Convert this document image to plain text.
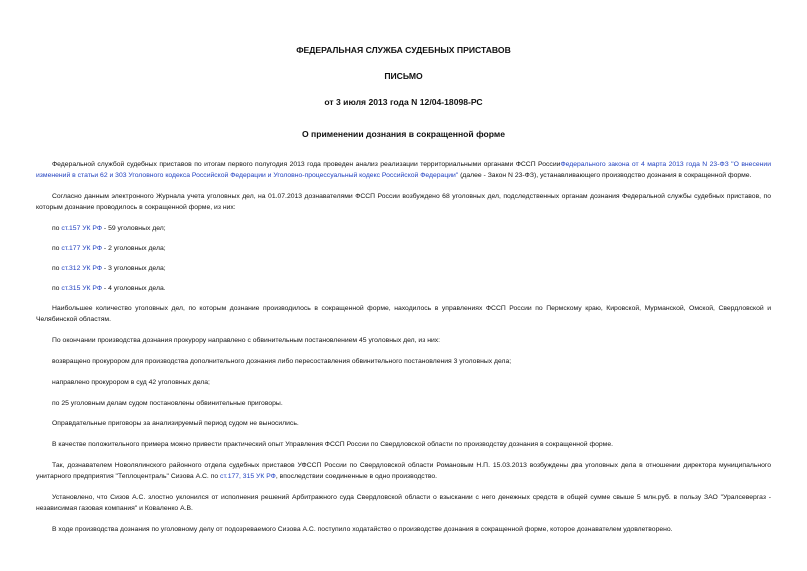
ФЕДЕРАЛЬНАЯ СЛУЖБА СУДЕБНЫХ ПРИСТАВОВ
ПИСЬМО
от 3 июля 2013 года N 12/04-18098-РС
О применении дознания в сокращенной форме

Федеральной службой судебных приставов по итогам первого полугодия 2013 года проведен анализ реализации территориальными органами ФССП РоссииФедерального закона от 4 марта 2013 года N 23-ФЗ "О внесении изменений в статьи 62 и 303 Уголовного кодекса Российской Федерации и Уголовно-процессуальный кодекс Российской Федерации" (далее - Закон N 23-ФЗ), устанавливающего производство дознания в сокращенной форме.

Согласно данным электронного Журнала учета уголовных дел, на 01.07.2013 дознавателями ФССП России возбуждено 68 уголовных дел, подследственных органам дознания Федеральной службы судебных приставов, по которым дознание проводилось в сокращенной форме, из них:

по ст.157 УК РФ - 59 уголовных дел;

по ст.177 УК РФ - 2 уголовных дела;

по ст.312 УК РФ - 3 уголовных дела;

по ст.315 УК РФ - 4 уголовных дела.

Наибольшее количество уголовных дел, по которым дознание производилось в сокращенной форме, находилось в управлениях ФССП России по Пермскому краю, Кировской, Мурманской, Омской, Свердловской и Челябинской областям.

По окончании производства дознания прокурору направлено с обвинительным постановлением 45 уголовных дел, из них:

возвращено прокурором для производства дополнительного дознания либо пересоставления обвинительного постановления 3 уголовных дела;

направлено прокурором в суд 42 уголовных дела;

по 25 уголовным делам судом постановлены обвинительные приговоры.

Оправдательные приговоры за анализируемый период судом не выносились.

В качестве положительного примера можно привести практический опыт Управления ФССП России по Свердловской области по производству дознания в сокращенной форме.

Так, дознавателем Новолялинского районного отдела судебных приставов УФССП России по Свердловской области Романовым Н.П. 15.03.2013 возбуждены два уголовных дела в отношении директора муниципального унитарного предприятия "Теплоцентраль" Сизова А.С. по ст.177, 315 УК РФ, впоследствии соединенные в одно производство.

Установлено, что Сизов А.С. злостно уклонился от исполнения решений Арбитражного суда Свердловской области о взыскании с него денежных средств в общей сумме свыше 5 млн.руб. в пользу ЗАО "Уралсевергаз - независимая газовая компания" и Коваленко А.В.

В ходе производства дознания по уголовному делу от подозреваемого Сизова А.С. поступило ходатайство о производстве дознания в сокращенной форме, которое дознавателем удовлетворено.
